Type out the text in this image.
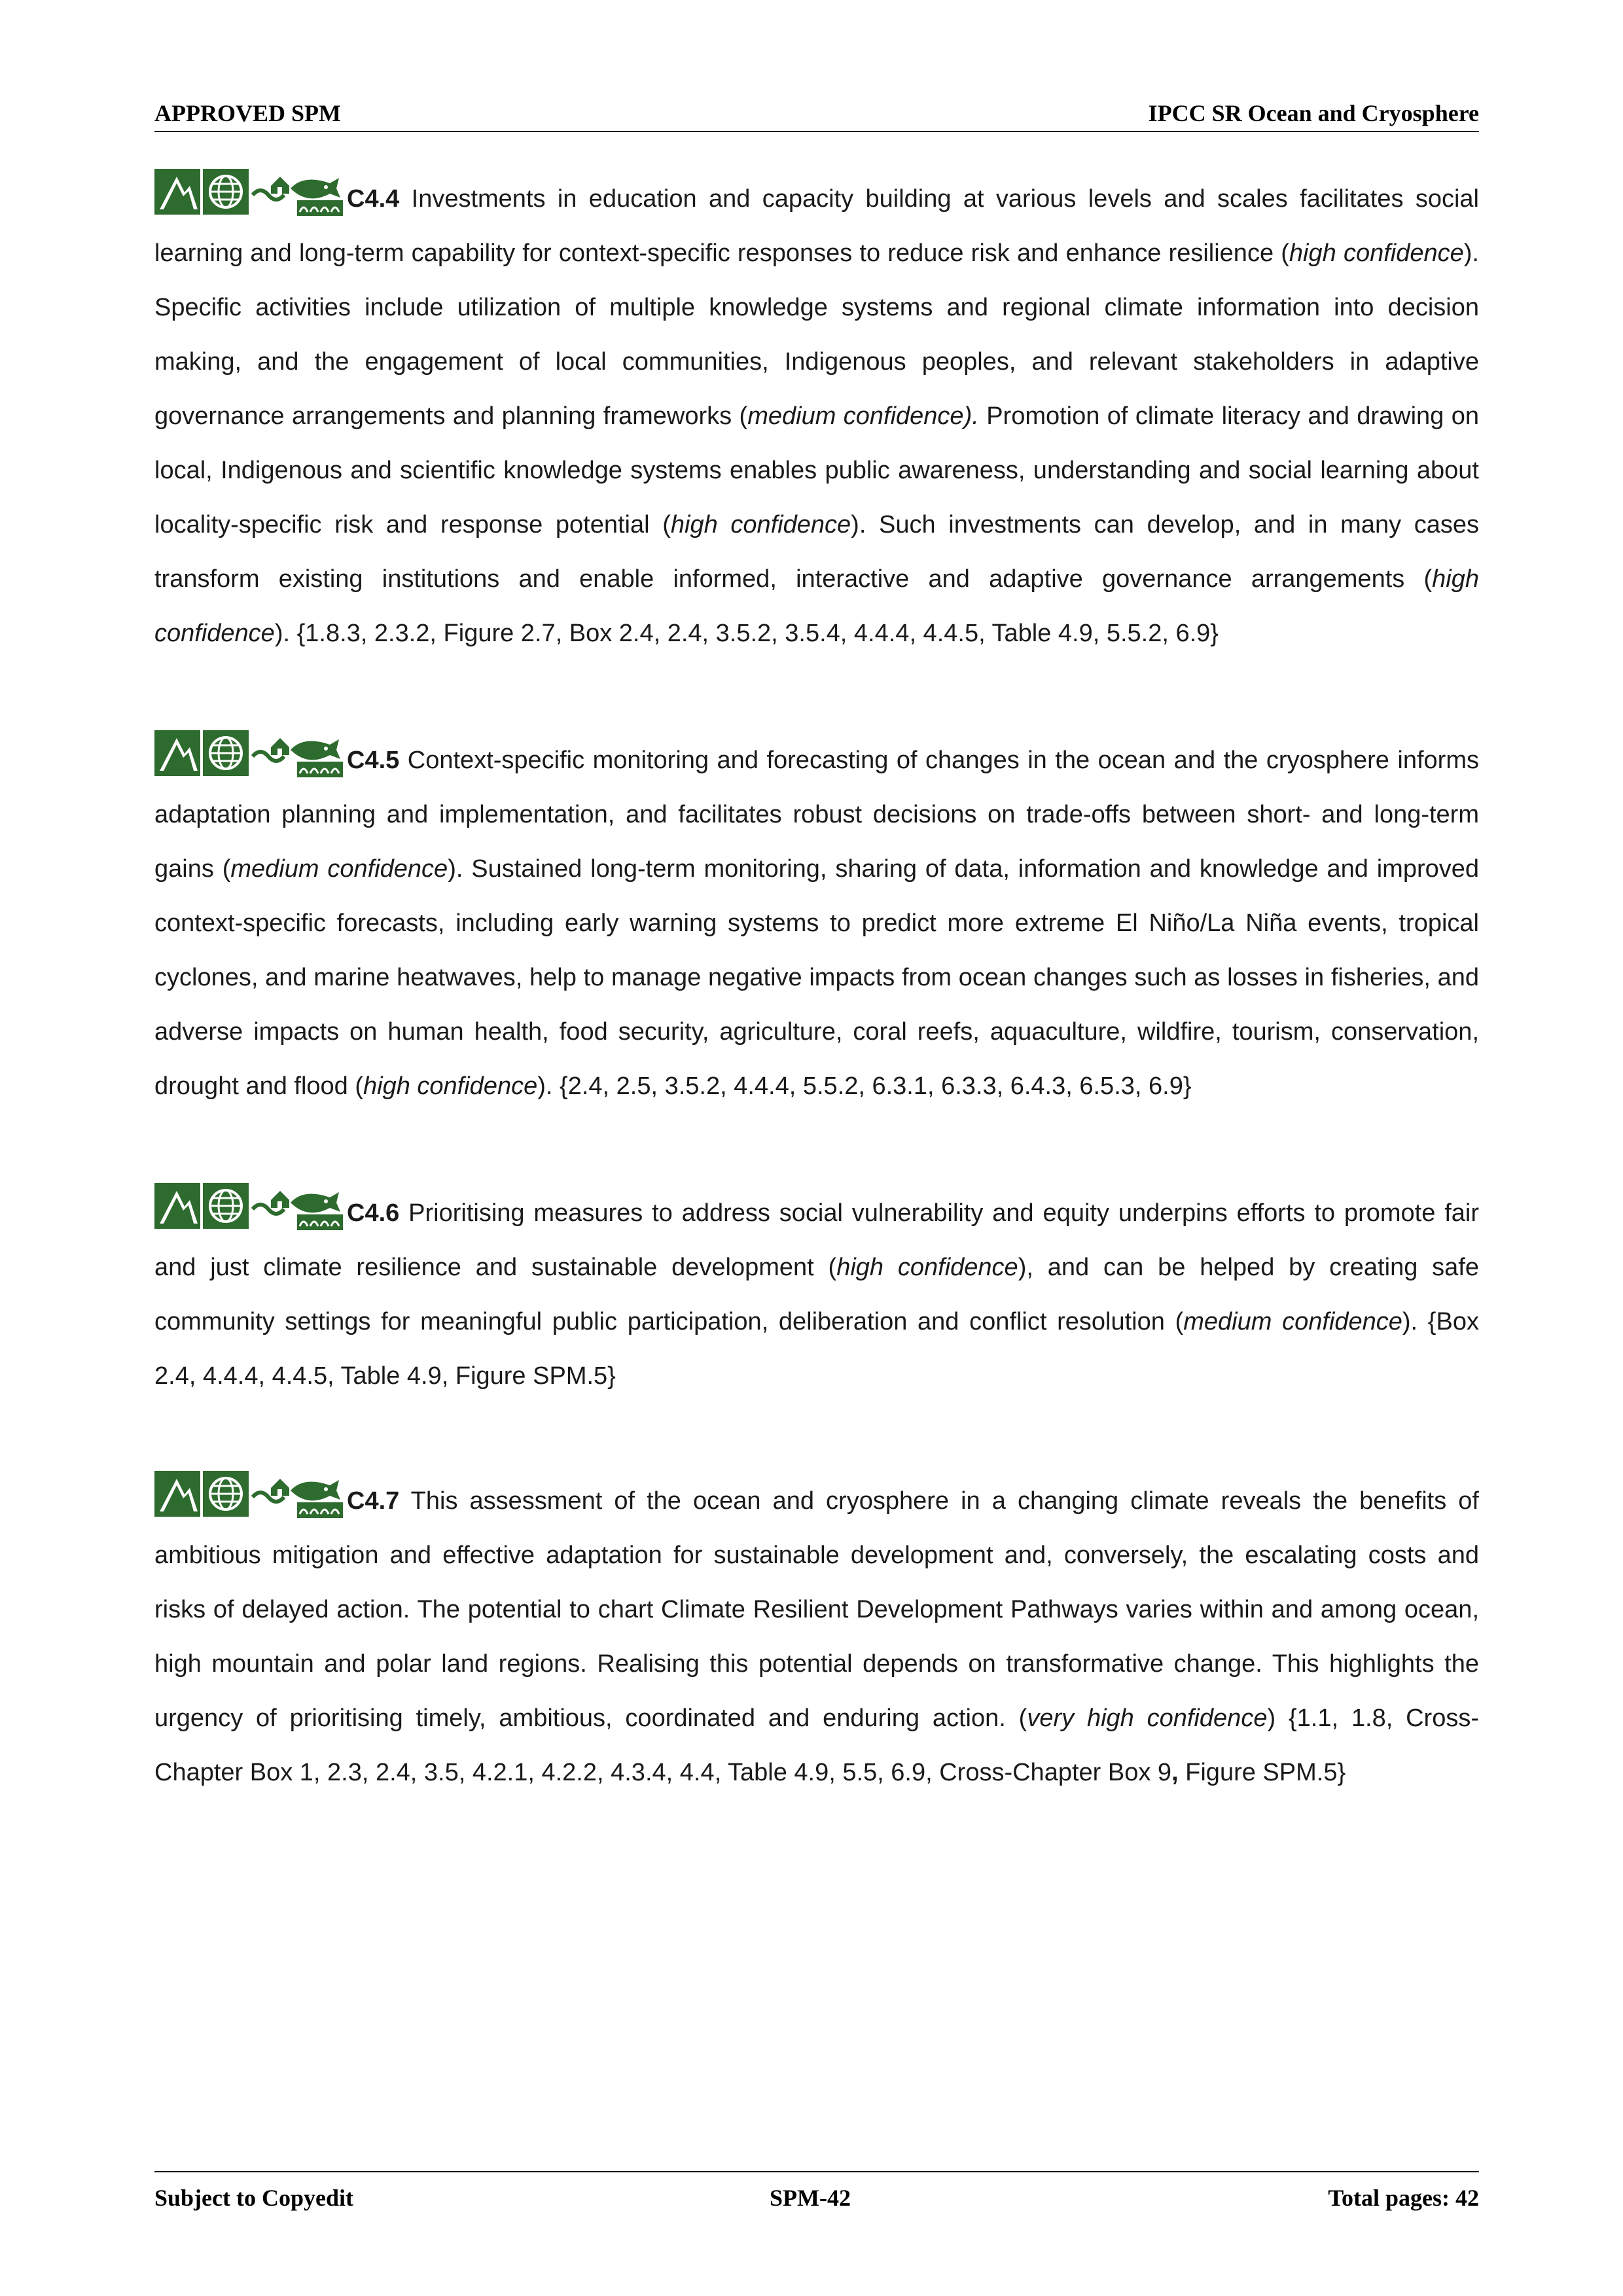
APPROVED SPM	IPCC SR Ocean and Cryosphere
C4.4 Investments in education and capacity building at various levels and scales facilitates social learning and long-term capability for context-specific responses to reduce risk and enhance resilience (high confidence). Specific activities include utilization of multiple knowledge systems and regional climate information into decision making, and the engagement of local communities, Indigenous peoples, and relevant stakeholders in adaptive governance arrangements and planning frameworks (medium confidence). Promotion of climate literacy and drawing on local, Indigenous and scientific knowledge systems enables public awareness, understanding and social learning about locality-specific risk and response potential (high confidence). Such investments can develop, and in many cases transform existing institutions and enable informed, interactive and adaptive governance arrangements (high confidence). {1.8.3, 2.3.2, Figure 2.7, Box 2.4, 2.4, 3.5.2, 3.5.4, 4.4.4, 4.4.5, Table 4.9, 5.5.2, 6.9}
C4.5 Context-specific monitoring and forecasting of changes in the ocean and the cryosphere informs adaptation planning and implementation, and facilitates robust decisions on trade-offs between short- and long-term gains (medium confidence). Sustained long-term monitoring, sharing of data, information and knowledge and improved context-specific forecasts, including early warning systems to predict more extreme El Niño/La Niña events, tropical cyclones, and marine heatwaves, help to manage negative impacts from ocean changes such as losses in fisheries, and adverse impacts on human health, food security, agriculture, coral reefs, aquaculture, wildfire, tourism, conservation, drought and flood (high confidence). {2.4, 2.5, 3.5.2, 4.4.4, 5.5.2, 6.3.1, 6.3.3, 6.4.3, 6.5.3, 6.9}
C4.6 Prioritising measures to address social vulnerability and equity underpins efforts to promote fair and just climate resilience and sustainable development (high confidence), and can be helped by creating safe community settings for meaningful public participation, deliberation and conflict resolution (medium confidence). {Box 2.4, 4.4.4, 4.4.5, Table 4.9, Figure SPM.5}
C4.7 This assessment of the ocean and cryosphere in a changing climate reveals the benefits of ambitious mitigation and effective adaptation for sustainable development and, conversely, the escalating costs and risks of delayed action. The potential to chart Climate Resilient Development Pathways varies within and among ocean, high mountain and polar land regions. Realising this potential depends on transformative change. This highlights the urgency of prioritising timely, ambitious, coordinated and enduring action. (very high confidence) {1.1, 1.8, Cross-Chapter Box 1, 2.3, 2.4, 3.5, 4.2.1, 4.2.2, 4.3.4, 4.4, Table 4.9, 5.5, 6.9, Cross-Chapter Box 9, Figure SPM.5}
Subject to Copyedit	SPM-42	Total pages: 42
